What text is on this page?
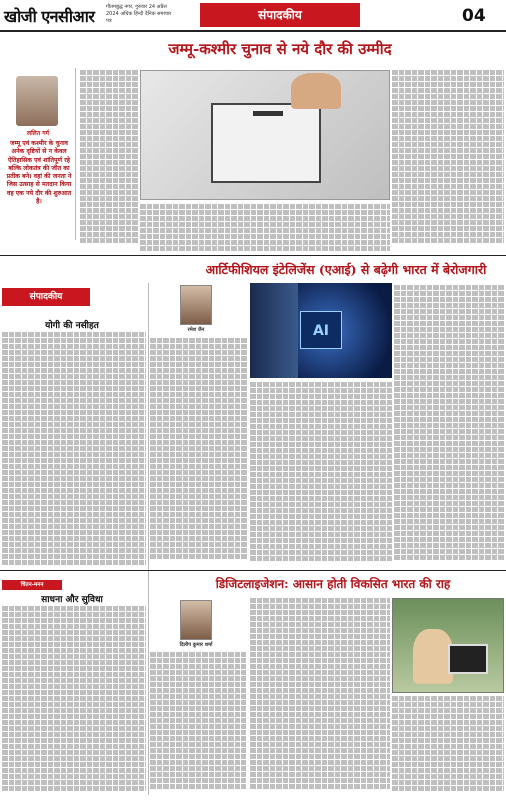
खोजी एनसीआर गौतमबुद्ध नगर, गुरुवार 24 अप्रैल 2024 अधिक हिन्दी दैनिक समाचार पत्र	संपादकीय	04
जम्मू-कश्मीर चुनाव से नये दौर की उम्मीद
ललित गर्ग
जम्मू एवं कश्मीर के चुनाव अनेक दृष्टियों से न केवल ऐतिहासिक एवं शांतिपूर्ण रहे बल्कि लोकतंत्र की जीत का प्रतीक बने। वहां की जनता ने जिस उत्साह से मतदान किया वह एक नये दौर की शुरुआत है।
आर्टिफीशियल इंटेलिजेंस (एआई) से बढ़ेगी भारत में बेरोजगारी
रमेश जैन	AI
संपादकीय
योगी की नसीहत
चिंतन-मनन
साधना और सुविधा
डिजिटलाइजेशन: आसान होती विकसित भारत की राह
दिलीप कुमार शर्मा
